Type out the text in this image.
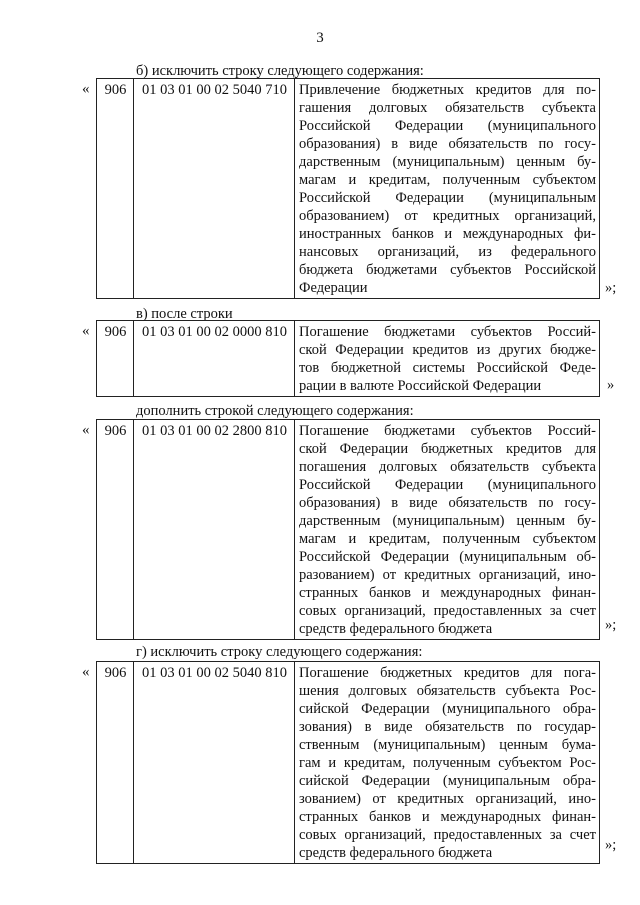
3
б) исключить строку следующего содержания:
« 906	01 03 01 00 02 5040 710	Привлечение бюджетных кредитов для по-
гашения долговых обязательств субъекта
Российской Федерации (муниципального
образования) в виде обязательств по госу-
дарственным (муниципальным) ценным бу-
магам и кредитам, полученным субъектом
Российской Федерации (муниципальным
образованием) от кредитных организаций,
иностранных банков и международных фи-
нансовых организаций, из федерального
бюджета бюджетами субъектов Российской
Федерации	»;
в) после строки
« 906	01 03 01 00 02 0000 810	Погашение бюджетами субъектов Россий-
ской Федерации кредитов из других бюдже-
тов бюджетной системы Российской Феде-
рации в валюте Российской Федерации	»
дополнить строкой следующего содержания:
« 906	01 03 01 00 02 2800 810	Погашение бюджетами субъектов Россий-
ской Федерации бюджетных кредитов для
погашения долговых обязательств субъекта
Российской Федерации (муниципального
образования) в виде обязательств по госу-
дарственным (муниципальным) ценным бу-
магам и кредитам, полученным субъектом
Российской Федерации (муниципальным об-
разованием) от кредитных организаций, ино-
странных банков и международных финан-
совых организаций, предоставленных за счет
средств федерального бюджета	»;
г) исключить строку следующего содержания:
« 906	01 03 01 00 02 5040 810	Погашение бюджетных кредитов для пога-
шения долговых обязательств субъекта Рос-
сийской Федерации (муниципального обра-
зования) в виде обязательств по государ-
ственным (муниципальным) ценным бума-
гам и кредитам, полученным субъектом Рос-
сийской Федерации (муниципальным обра-
зованием) от кредитных организаций, ино-
странных банков и международных финан-
совых организаций, предоставленных за счет
средств федерального бюджета	»;
